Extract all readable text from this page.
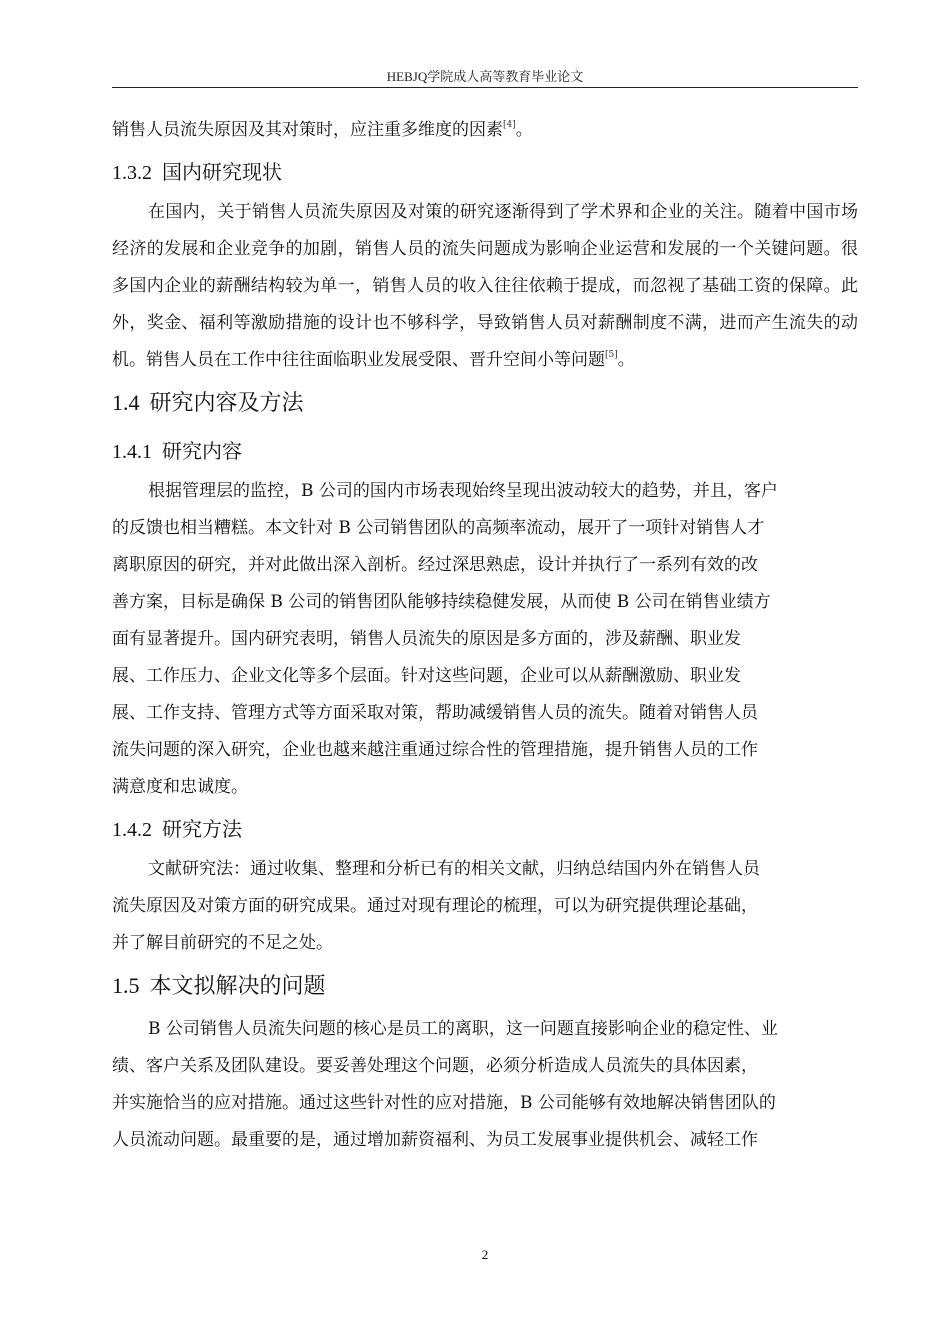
HEBJQ学院成人高等教育毕业论文

销售人员流失原因及其对策时，应注重多维度的因素[4]。

1.3.2 国内研究现状

在国内，关于销售人员流失原因及对策的研究逐渐得到了学术界和企业的关注。随着中国市场经济的发展和企业竞争的加剧，销售人员的流失问题成为影响企业运营和发展的一个关键问题。很多国内企业的薪酬结构较为单一，销售人员的收入往往依赖于提成，而忽视了基础工资的保障。此外，奖金、福利等激励措施的设计也不够科学，导致销售人员对薪酬制度不满，进而产生流失的动机。销售人员在工作中往往面临职业发展受限、晋升空间小等问题[5]。

1.4 研究内容及方法
1.4.1 研究内容

根据管理层的监控，B 公司的国内市场表现始终呈现出波动较大的趋势，并且，客户
的反馈也相当糟糕。本文针对 B 公司销售团队的高频率流动，展开了一项针对销售人才
离职原因的研究，并对此做出深入剖析。经过深思熟虑，设计并执行了一系列有效的改
善方案，目标是确保 B 公司的销售团队能够持续稳健发展，从而使 B 公司在销售业绩方
面有显著提升。国内研究表明，销售人员流失的原因是多方面的，涉及薪酬、职业发
展、工作压力、企业文化等多个层面。针对这些问题，企业可以从薪酬激励、职业发
展、工作支持、管理方式等方面采取对策，帮助减缓销售人员的流失。随着对销售人员
流失问题的深入研究，企业也越来越注重通过综合性的管理措施，提升销售人员的工作
满意度和忠诚度。

1.4.2 研究方法

文献研究法：通过收集、整理和分析已有的相关文献，归纳总结国内外在销售人员
流失原因及对策方面的研究成果。通过对现有理论的梳理，可以为研究提供理论基础，
并了解目前研究的不足之处。

1.5 本文拟解决的问题

B 公司销售人员流失问题的核心是员工的离职，这一问题直接影响企业的稳定性、业
绩、客户关系及团队建设。要妥善处理这个问题，必须分析造成人员流失的具体因素，
并实施恰当的应对措施。通过这些针对性的应对措施，B 公司能够有效地解决销售团队的
人员流动问题。最重要的是，通过增加薪资福利、为员工发展事业提供机会、减轻工作

2
